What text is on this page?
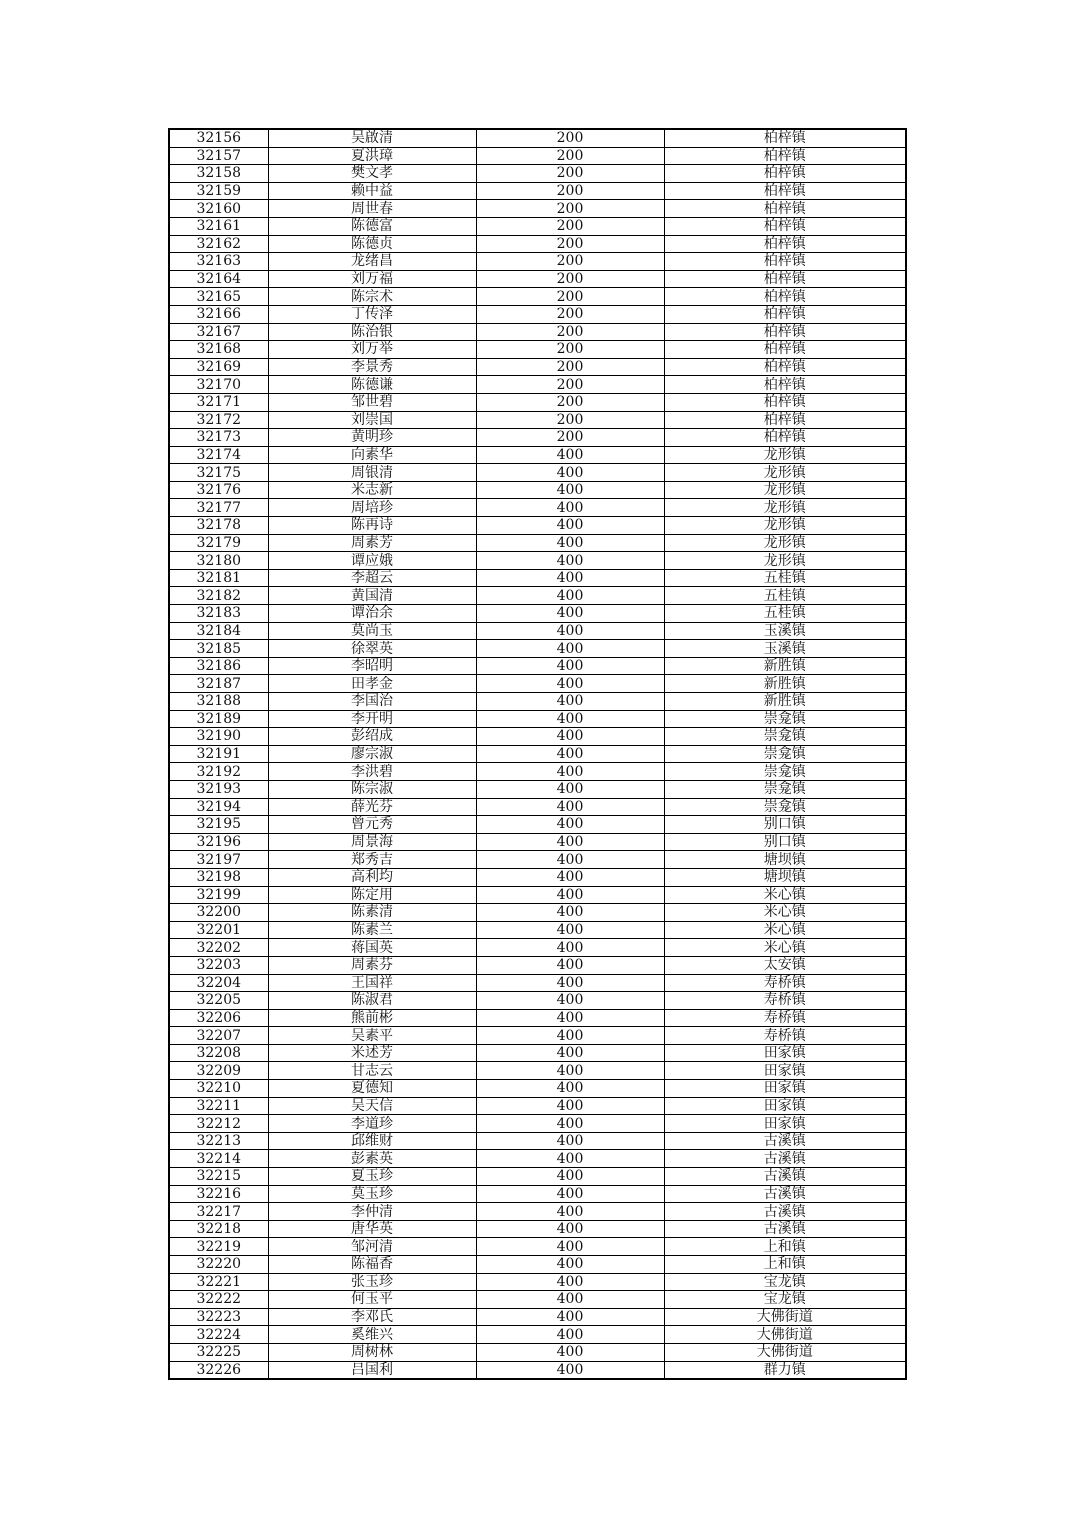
32156	吴啟清	200	柏梓镇
32157	夏洪璋	200	柏梓镇
32158	樊文孝	200	柏梓镇
32159	赖中益	200	柏梓镇
32160	周世春	200	柏梓镇
32161	陈德富	200	柏梓镇
32162	陈德贞	200	柏梓镇
32163	龙绪昌	200	柏梓镇
32164	刘万福	200	柏梓镇
32165	陈宗术	200	柏梓镇
32166	丁传泽	200	柏梓镇
32167	陈治银	200	柏梓镇
32168	刘万举	200	柏梓镇
32169	李景秀	200	柏梓镇
32170	陈德谦	200	柏梓镇
32171	邹世碧	200	柏梓镇
32172	刘崇国	200	柏梓镇
32173	黄明珍	200	柏梓镇
32174	向素华	400	龙形镇
32175	周银清	400	龙形镇
32176	米志新	400	龙形镇
32177	周培珍	400	龙形镇
32178	陈再诗	400	龙形镇
32179	周素芳	400	龙形镇
32180	谭应娥	400	龙形镇
32181	李超云	400	五桂镇
32182	黄国清	400	五桂镇
32183	谭治余	400	五桂镇
32184	莫尚玉	400	玉溪镇
32185	徐翠英	400	玉溪镇
32186	李昭明	400	新胜镇
32187	田孝金	400	新胜镇
32188	李国治	400	新胜镇
32189	李开明	400	崇龛镇
32190	彭绍成	400	崇龛镇
32191	廖宗淑	400	崇龛镇
32192	李洪碧	400	崇龛镇
32193	陈宗淑	400	崇龛镇
32194	薛光芬	400	崇龛镇
32195	曾元秀	400	别口镇
32196	周景海	400	别口镇
32197	郑秀吉	400	塘坝镇
32198	高利均	400	塘坝镇
32199	陈定用	400	米心镇
32200	陈素清	400	米心镇
32201	陈素兰	400	米心镇
32202	蒋国英	400	米心镇
32203	周素芬	400	太安镇
32204	王国祥	400	寿桥镇
32205	陈淑君	400	寿桥镇
32206	熊前彬	400	寿桥镇
32207	吴素平	400	寿桥镇
32208	米述芳	400	田家镇
32209	甘志云	400	田家镇
32210	夏德知	400	田家镇
32211	吴天信	400	田家镇
32212	李道珍	400	田家镇
32213	邱维财	400	古溪镇
32214	彭素英	400	古溪镇
32215	夏玉珍	400	古溪镇
32216	莫玉珍	400	古溪镇
32217	李仲清	400	古溪镇
32218	唐华英	400	古溪镇
32219	邹河清	400	上和镇
32220	陈福香	400	上和镇
32221	张玉珍	400	宝龙镇
32222	何玉平	400	宝龙镇
32223	李邓氏	400	大佛街道
32224	奚维兴	400	大佛街道
32225	周树林	400	大佛街道
32226	吕国利	400	群力镇
